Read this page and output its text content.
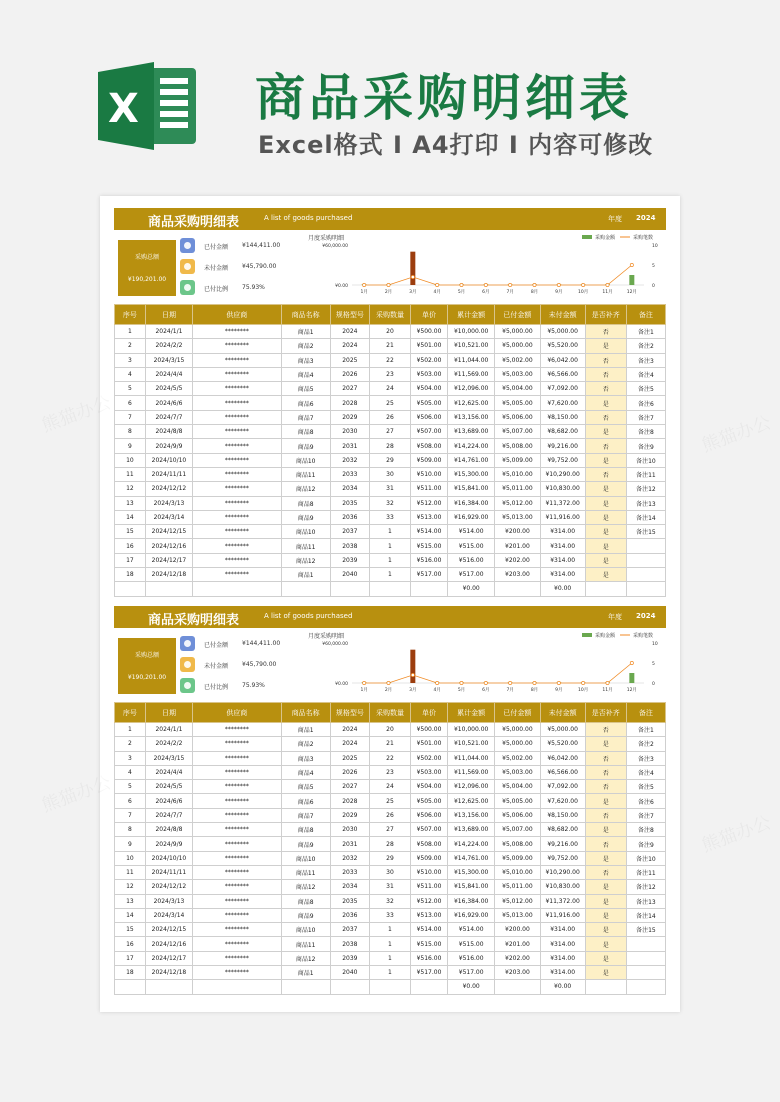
X 商品采购明细表
Excel格式 I A4打印 I 内容可修改
商品采购明细表	A list of goods purchased	年度 2024
采购总额
¥190,201.00
已付金额 ¥144,411.00
未付金额 ¥45,790.00
已付比例 75.93%
月度采购明细	采购金额	采购笔数
¥60,000.00
¥0.00
10
5
0
1月	2月	3月	4月	5月	6月	7月	8月	9月	10月	11月	12月
序号	日期	供应商	商品名称	规格型号	采购数量	单价	累计金额	已付金额	未付金额	是否补齐	备注
1	2024/1/1	********	商品1	2024	20	¥500.00	¥10,000.00	¥5,000.00	¥5,000.00	否	备注1
2	2024/2/2	********	商品2	2024	21	¥501.00	¥10,521.00	¥5,000.00	¥5,520.00	是	备注2
3	2024/3/15	********	商品3	2025	22	¥502.00	¥11,044.00	¥5,002.00	¥6,042.00	否	备注3
4	2024/4/4	********	商品4	2026	23	¥503.00	¥11,569.00	¥5,003.00	¥6,566.00	否	备注4
5	2024/5/5	********	商品5	2027	24	¥504.00	¥12,096.00	¥5,004.00	¥7,092.00	否	备注5
6	2024/6/6	********	商品6	2028	25	¥505.00	¥12,625.00	¥5,005.00	¥7,620.00	是	备注6
7	2024/7/7	********	商品7	2029	26	¥506.00	¥13,156.00	¥5,006.00	¥8,150.00	否	备注7
8	2024/8/8	********	商品8	2030	27	¥507.00	¥13,689.00	¥5,007.00	¥8,682.00	是	备注8
9	2024/9/9	********	商品9	2031	28	¥508.00	¥14,224.00	¥5,008.00	¥9,216.00	否	备注9
10	2024/10/10	********	商品10	2032	29	¥509.00	¥14,761.00	¥5,009.00	¥9,752.00	是	备注10
11	2024/11/11	********	商品11	2033	30	¥510.00	¥15,300.00	¥5,010.00	¥10,290.00	否	备注11
12	2024/12/12	********	商品12	2034	31	¥511.00	¥15,841.00	¥5,011.00	¥10,830.00	是	备注12
13	2024/3/13	********	商品8	2035	32	¥512.00	¥16,384.00	¥5,012.00	¥11,372.00	是	备注13
14	2024/3/14	********	商品9	2036	33	¥513.00	¥16,929.00	¥5,013.00	¥11,916.00	是	备注14
15	2024/12/15	********	商品10	2037	1	¥514.00	¥514.00	¥200.00	¥314.00	是	备注15
16	2024/12/16	********	商品11	2038	1	¥515.00	¥515.00	¥201.00	¥314.00	是	
17	2024/12/17	********	商品12	2039	1	¥516.00	¥516.00	¥202.00	¥314.00	是	
18	2024/12/18	********	商品1	2040	1	¥517.00	¥517.00	¥203.00	¥314.00	是	
							¥0.00		¥0.00		
商品采购明细表	A list of goods purchased	年度 2024
采购总额
¥190,201.00
已付金额 ¥144,411.00
未付金额 ¥45,790.00
已付比例 75.93%
月度采购明细	采购金额	采购笔数
¥60,000.00
¥0.00
10
5
0
1月	2月	3月	4月	5月	6月	7月	8月	9月	10月	11月	12月
序号	日期	供应商	商品名称	规格型号	采购数量	单价	累计金额	已付金额	未付金额	是否补齐	备注
1	2024/1/1	********	商品1	2024	20	¥500.00	¥10,000.00	¥5,000.00	¥5,000.00	否	备注1
2	2024/2/2	********	商品2	2024	21	¥501.00	¥10,521.00	¥5,000.00	¥5,520.00	是	备注2
3	2024/3/15	********	商品3	2025	22	¥502.00	¥11,044.00	¥5,002.00	¥6,042.00	否	备注3
4	2024/4/4	********	商品4	2026	23	¥503.00	¥11,569.00	¥5,003.00	¥6,566.00	否	备注4
5	2024/5/5	********	商品5	2027	24	¥504.00	¥12,096.00	¥5,004.00	¥7,092.00	否	备注5
6	2024/6/6	********	商品6	2028	25	¥505.00	¥12,625.00	¥5,005.00	¥7,620.00	是	备注6
7	2024/7/7	********	商品7	2029	26	¥506.00	¥13,156.00	¥5,006.00	¥8,150.00	否	备注7
8	2024/8/8	********	商品8	2030	27	¥507.00	¥13,689.00	¥5,007.00	¥8,682.00	是	备注8
9	2024/9/9	********	商品9	2031	28	¥508.00	¥14,224.00	¥5,008.00	¥9,216.00	否	备注9
10	2024/10/10	********	商品10	2032	29	¥509.00	¥14,761.00	¥5,009.00	¥9,752.00	是	备注10
11	2024/11/11	********	商品11	2033	30	¥510.00	¥15,300.00	¥5,010.00	¥10,290.00	否	备注11
12	2024/12/12	********	商品12	2034	31	¥511.00	¥15,841.00	¥5,011.00	¥10,830.00	是	备注12
13	2024/3/13	********	商品8	2035	32	¥512.00	¥16,384.00	¥5,012.00	¥11,372.00	是	备注13
14	2024/3/14	********	商品9	2036	33	¥513.00	¥16,929.00	¥5,013.00	¥11,916.00	是	备注14
15	2024/12/15	********	商品10	2037	1	¥514.00	¥514.00	¥200.00	¥314.00	是	备注15
16	2024/12/16	********	商品11	2038	1	¥515.00	¥515.00	¥201.00	¥314.00	是	
17	2024/12/17	********	商品12	2039	1	¥516.00	¥516.00	¥202.00	¥314.00	是	
18	2024/12/18	********	商品1	2040	1	¥517.00	¥517.00	¥203.00	¥314.00	是	
							¥0.00		¥0.00		
